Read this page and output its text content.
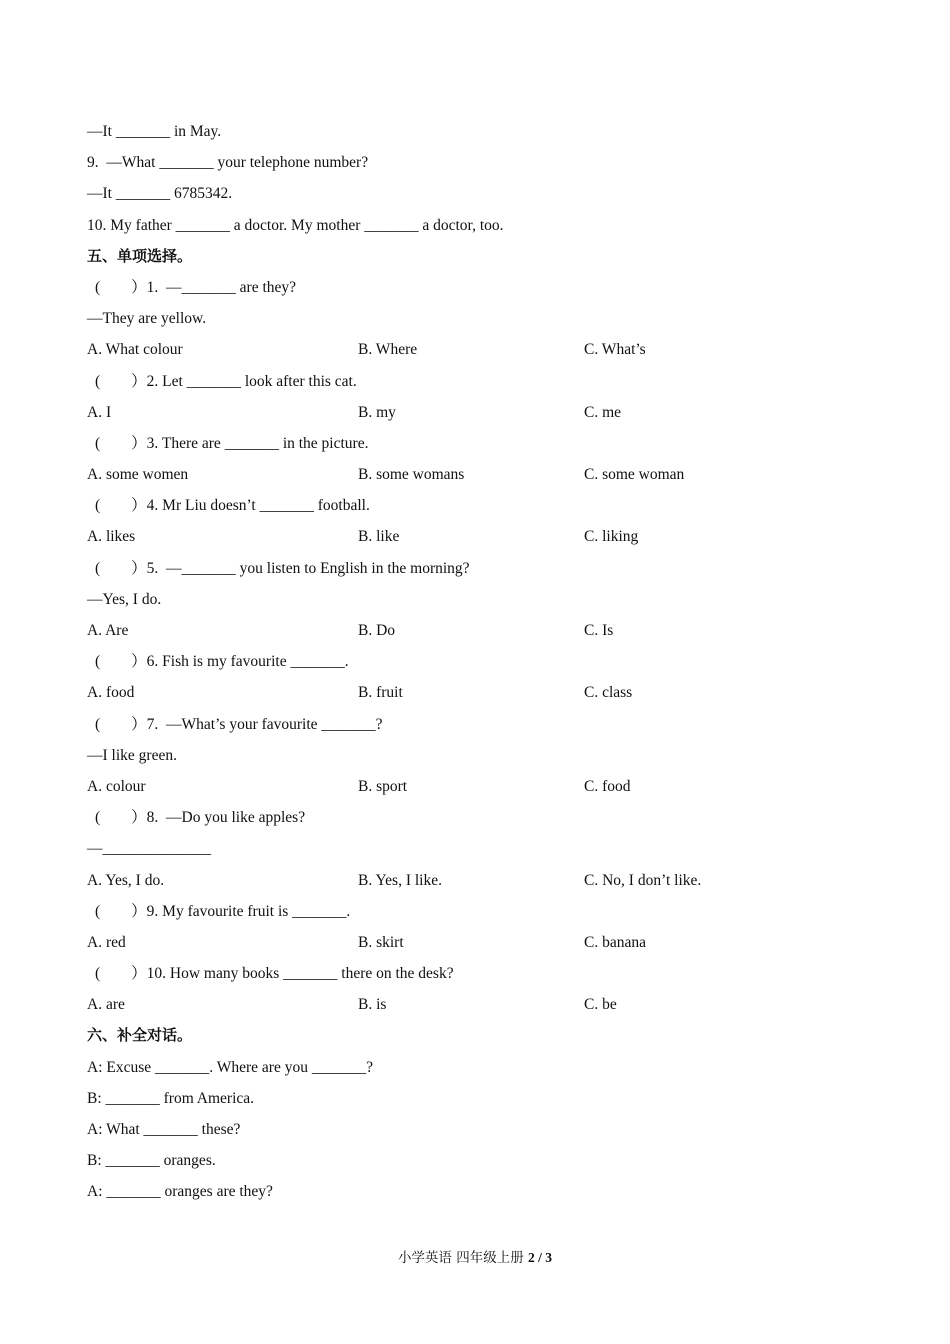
—It _______ in May.
9.  —What _______ your telephone number?
—It _______ 6785342.
10. My father _______ a doctor. My mother _______ a doctor, too.
五、单项选择。
(        ）1.  —_______ are they?
—They are yellow.
A. What colour	B. Where	C. What’s
(        ）2. Let _______ look after this cat.
A. I	B. my	C. me
(        ）3. There are _______ in the picture.
A. some women	B. some womans	C. some woman
(        ）4. Mr Liu doesn’t _______ football.
A. likes	B. like	C. liking
(        ）5.  —_______ you listen to English in the morning?
—Yes, I do.
A. Are	B. Do	C. Is
(        ）6. Fish is my favourite _______.
A. food	B. fruit	C. class
(        ）7.  —What’s your favourite _______?
—I like green.
A. colour	B. sport	C. food
(        ）8.  —Do you like apples?
—______________
A. Yes, I do.	B. Yes, I like.	C. No, I don’t like.
(        ）9. My favourite fruit is _______.
A. red	B. skirt	C. banana
(        ）10. How many books _______ there on the desk?
A. are	B. is	C. be
六、补全对话。
A: Excuse _______. Where are you _______?
B: _______ from America.
A: What _______ these?
B: _______ oranges.
A: _______ oranges are they?
小学英语 四年级上册 2 / 3
